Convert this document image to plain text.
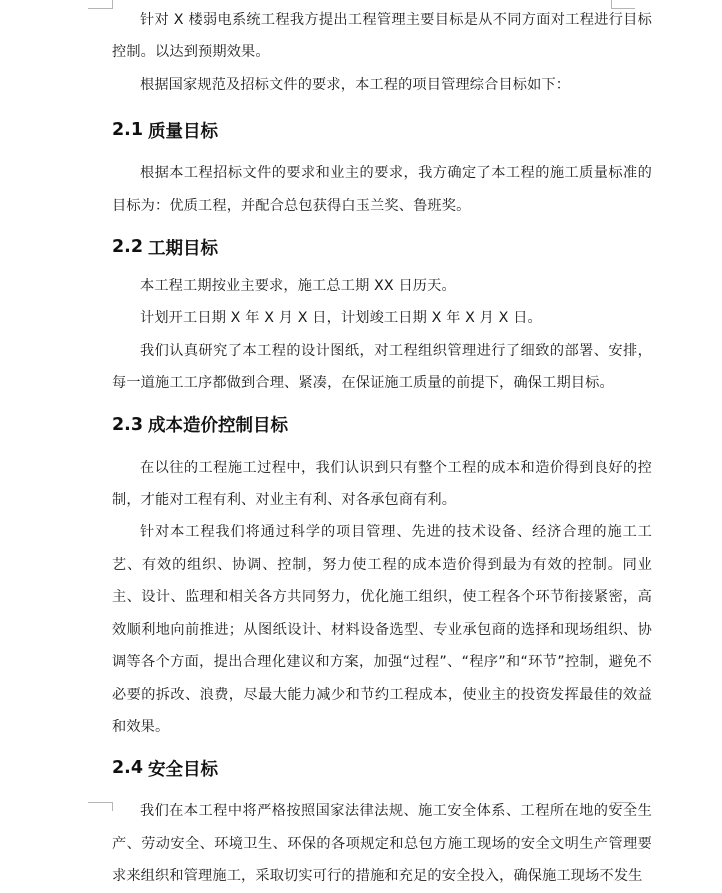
针对 X 楼弱电系统工程我方提出工程管理主要目标是从不同方面对工程进行目标控制。以达到预期效果。

根据国家规范及招标文件的要求，本工程的项目管理综合目标如下：

2.1 质量目标

根据本工程招标文件的要求和业主的要求，我方确定了本工程的施工质量标准的目标为：优质工程，并配合总包获得白玉兰奖、鲁班奖。

2.2 工期目标

本工程工期按业主要求，施工总工期 XX 日历天。

计划开工日期 X 年 X 月 X 日，计划竣工日期 X 年 X 月 X 日。

我们认真研究了本工程的设计图纸，对工程组织管理进行了细致的部署、安排，每一道施工工序都做到合理、紧凑，在保证施工质量的前提下，确保工期目标。

2.3 成本造价控制目标

在以往的工程施工过程中，我们认识到只有整个工程的成本和造价得到良好的控制，才能对工程有利、对业主有利、对各承包商有利。

针对本工程我们将通过科学的项目管理、先进的技术设备、经济合理的施工工艺、有效的组织、协调、控制，努力使工程的成本造价得到最为有效的控制。同业主、设计、监理和相关各方共同努力，优化施工组织，使工程各个环节衔接紧密，高效顺利地向前推进；从图纸设计、材料设备选型、专业承包商的选择和现场组织、协调等各个方面，提出合理化建议和方案，加强“过程”、“程序”和“环节”控制，避免不必要的拆改、浪费，尽最大能力减少和节约工程成本，使业主的投资发挥最佳的效益和效果。

2.4 安全目标

我们在本工程中将严格按照国家法律法规、施工安全体系、工程所在地的安全生产、劳动安全、环境卫生、环保的各项规定和总包方施工现场的安全文明生产管理要求来组织和管理施工，采取切实可行的措施和充足的安全投入，确保施工现场不发生
